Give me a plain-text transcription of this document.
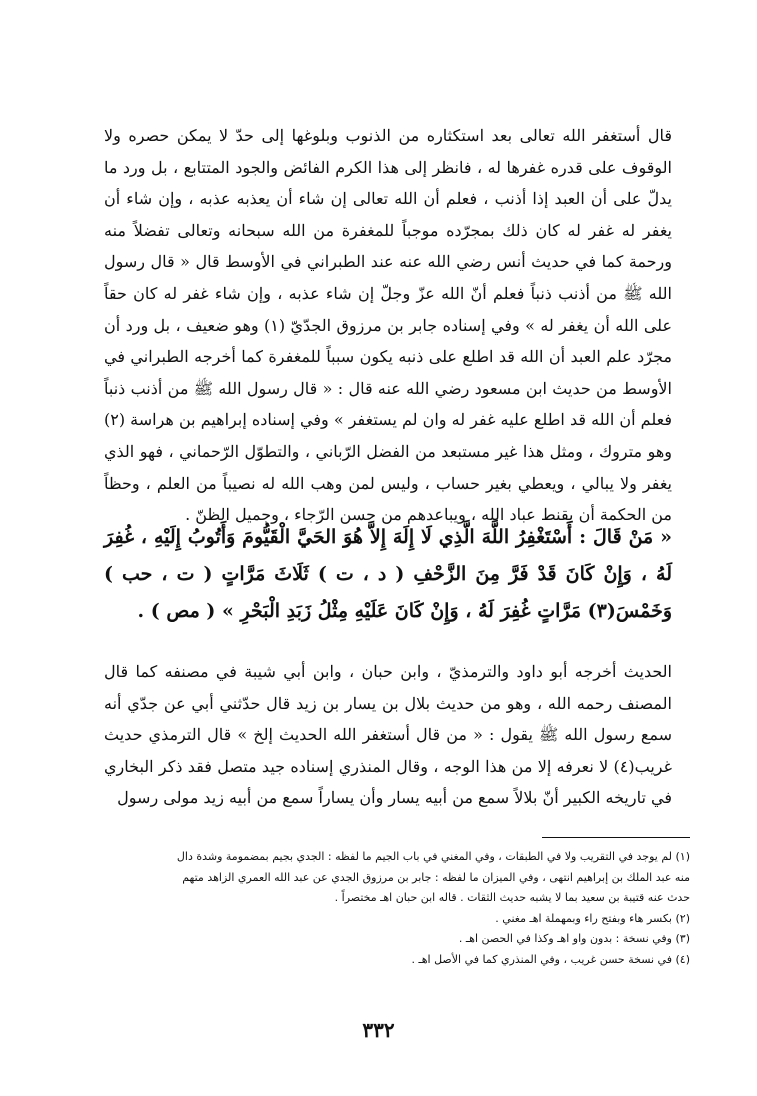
قال أستغفر الله تعالى بعد استكثاره من الذنوب وبلوغها إلى حدّ لا يمكن حصره ولا الوقوف على قدره غفرها له ، فانظر إلى هذا الكرم الفائض والجود المتتابع ، بل ورد ما يدلّ على أن العبد إذا أذنب ، فعلم أن الله تعالى إن شاء أن يعذبه عذبه ، وإن شاء أن يغفر له غفر له كان ذلك بمجرّده موجباً للمغفرة من الله سبحانه وتعالى تفضلاً منه ورحمة كما في حديث أنس رضي الله عنه عند الطبراني في الأوسط قال « قال رسول الله ﷺ من أذنب ذنباً فعلم أنّ الله عزّ وجلّ إن شاء عذبه ، وإن شاء غفر له كان حقاً على الله أن يغفر له » وفي إسناده جابر بن مرزوق الجدّيّ (١) وهو ضعيف ، بل ورد أن مجرّد علم العبد أن الله قد اطلع على ذنبه يكون سبباً للمغفرة كما أخرجه الطبراني في الأوسط من حديث ابن مسعود رضي الله عنه قال : « قال رسول الله ﷺ من أذنب ذنباً فعلم أن الله قد اطلع عليه غفر له وان لم يستغفر » وفي إسناده إبراهيم بن هراسة (٢) وهو متروك ، ومثل هذا غير مستبعد من الفضل الرّباني ، والتطوّل الرّحماني ، فهو الذي يغفر ولا يبالي ، ويعطي بغير حساب ، وليس لمن وهب الله له نصيباً من العلم ، وحظاً من الحكمة أن يقنط عباد الله ، ويباعدهم من حسن الرّجاء ، وجميل الظنّ .

« مَنْ قَالَ : أَسْتَغْفِرُ اللَّهَ الَّذِي لَا إِلَهَ إِلاَّ هُوَ الحَيَّ الْقَيُّومَ وَأَتُوبُ إِلَيْهِ ، غُفِرَ لَهُ ، وَإِنْ كَانَ قَدْ فَرَّ مِنَ الزَّحْفِ ( د ، ت ) ثَلَاثَ مَرَّاتٍ ( ت ، حب ) وَخَمْسَ(٣) مَرَّاتٍ غُفِرَ لَهُ ، وَإِنْ كَانَ عَلَيْهِ مِثْلُ زَبَدِ الْبَحْرِ » ( مص ) .

الحديث أخرجه أبو داود والترمذيّ ، وابن حبان ، وابن أبي شيبة في مصنفه كما قال المصنف رحمه الله ، وهو من حديث بلال بن يسار بن زيد قال حدّثني أبي عن جدّي أنه سمع رسول الله ﷺ يقول : « من قال أستغفر الله الحديث إلخ » قال الترمذي حديث غريب(٤) لا نعرفه إلا من هذا الوجه ، وقال المنذري إسناده جيد متصل فقد ذكر البخاري في تاريخه الكبير أنّ بلالاً سمع من أبيه يسار وأن يساراً سمع من أبيه زيد مولى رسول

(١) لم يوجد في التقريب ولا في الطبقات ، وفي المغني في باب الجيم ما لفظه : الجدي بجيم بمضمومة وشدة دال

منه عبد الملك بن إبراهيم انتهى ، وفي الميزان ما لفظه : جابر بن مرزوق الجدي عن عبد الله العمري الزاهد متهم

حدث عنه قتيبة بن سعيد بما لا يشبه حديث الثقات . قاله ابن حبان اهـ مختصراً .

(٢) بكسر هاء وبفتح راء وبمهملة اهـ مغني .

(٣) وفي نسخة : بدون واو اهـ وكذا في الحصن اهـ .

(٤) في نسخة حسن غريب ، وفي المنذري كما في الأصل اهـ .

٣٣٢
